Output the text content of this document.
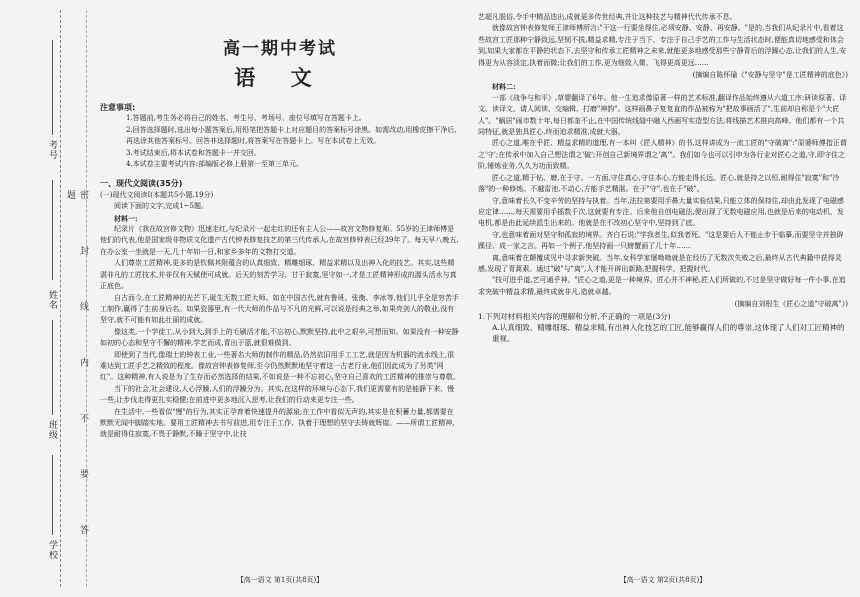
考号
姓名
班级
学校	密 封 线 内 不 要 答 题
高一期中考试
语 文
注意事项:

1.答题前,考生务必将自己的姓名、考生号、考场号、座位号填写在答题卡上。

2.回答选择题时,选出每小题答案后,用铅笔把答题卡上对应题目的答案标号涂黑。如需改动,用橡皮擦干净后,再选涂其他答案标号。回答非选择题时,将答案写在答题卡上。写在本试卷上无效。

3.考试结束后,将本试卷和答题卡一并交回。

4.本试卷主要考试内容:部编版必修上册第一至第三单元。

一、现代文阅读(35分)

(一)现代文阅读Ⅰ(本题共5小题,19分)

阅读下面的文字,完成1~5题。

材料一:

纪录片《我在故宫修文物》迅速走红,与纪录片一起走红的还有主人公——故宫文物修复师。55岁的王津师傅是他们的代表,他是国家级非物质文化遗产古代钟表修复技艺的第三代传承人,在故宫修钟表已经39年了。每天早八晚五,在办公室一坐就是一天,几十年如一日,和家乡多年的文物打交道。

人们尊崇工匠精神,更多的是钦佩其附蕴含的认真细致、精雕细琢、精益求精以及出神入化的技艺。其实,这些精湛非凡的工匠技术,并非仅有天赋使可成就。后天的刻苦学习、甘于寂寞,坚守如一,才是工匠精神形成的源头活水与真正底色。

自古而今,在工匠精神的光芒下,诞生无数工匠大师。如在中国古代,就有鲁班、张衡、李冰等,他们几乎全是穷苦手工制作,赢得了生前身后名。如果瓷器里,有一代大师的作品与不凡的光鲜,可以说是经典之举,如果亮剑人的敬业,没有坚守,就不可能有如此壮丽的成就。

像这类,一个学徒工,从小到大,到手上的毛刷活才能,不忘初心,默默坚持,此中之艰辛,可想而知。如果没有一种安静如初的心态和坚守不懈的精神,学艺而成,青出于蓝,就很难做到。

即使到了当代,像瑞士的钟表工业,一些著名大师的制作的精品,仍然依旧用手工工艺,就是因为机器的流水线上,很难达到工匠手艺之精致的程度。像故宫钟表修复师,至今仍然默默地坚守着这一古老行业,他们因此成为了另类"网红"。这种精神,有人说是为了生存而必然选择的结果,不如说是一种不忘初心,坚守自己喜欢的工匠精神的推崇与尊敬。

当下的社会,社会建设,人心浮躁,人们的浮躁分为。其实,在这样的环境与心态下,我们更需要有的是能静下来、慢一些,让步伐走得更扎实稳健;在前进中更多地沉入思考,让我们的行动来更专注一些。

在生活中,一些看似"慢"的行为,其实正孕育着快速提升的源泉;在工作中看似无声的,其实是在积蓄力量,都需要在默默无闻中脚踏实地。要用工匠精神去书写前进,用专注于工作、执着于理想的坚守去铸就辉煌。——所谓工匠精神,就是耐得住寂寞,不畏于静默,不躁于坚守中,让技

【高一语文 第1页(共8页)】

艺超凡脱俗,令手中精品迭出,成就更多传世经典,并让这种技艺与精神代代传承不息。

就像故宫钟表修复师王津师傅所言:"干这一行要坐得住,必须安静、安静、再安静。"是的,当我们从纪录片中,看着这些故宫工匠那种宁静致远,坚韧不拔,精益求精,专注于当下、专注于自己手艺的工作与生活状态时,便能真切地感受和体会到,如果大家都在平静的状态下,去坚守和传承工匠精神之未来,就能更多地感受那些宁静背后的浮躁心态,让我们的人生,安得更为从容淡定,执着而微;让我们的工作,更为细致入微、飞得更高更远……

(摘编自陈怀瑜《"安静与坚守"是工匠精神的底色》)

材料二:

一部《战争与和平》,草婴翻译了6年。他一生追求像原著一样的艺术标准,翻译作品始终遵从六道工序:研读原著、译文、读译文、请人阅读、交编辑、打磨"神韵"。这样画鼻子复复直的作品被称为"把故事画活了",生前却自称是个"大匠人"。"蜗居"闹市数十年,每日都奎不止,在中国传统线缝中融入西画写实造型方法,将线描艺术推向高峰。他们都有一个共同特征,就是独具匠心,终而追求精准,成就大器。

匠心之道,唯在乎匠、精益求精的道理,有一本叫《匠人精神》的书,这样讲成为一流工匠的"守破离":"原婆师傅指正谓之'守';在传承中加入自己想法谓之'破';开创自己新境界谓之'离'"。我们如今也可以引申为各行业对匠心之道,守,即守住之阶,锤炼业务,久久为功而致精。

匠心之道,精于钻、磨,在于守。一方面,守住真心,守住本心,方能走得长远。匠心,就是持之以恒,耐得住"寂寞"和"冷落"的一种修炼。不越雷池,不动心,方能手艺精湛。在于"守",也在于"破"。

守,意味着长久不变辛劳的坚持与执着。当年,法拉第要用手鼻大量实验结果,只能立体的保持住,却由此发现了电磁感应定律……,每天需要用手摇数千次,这就要有专注。后来他自创电磁法,便出现了无数电磁应用,也就是后来的电动机、发电机,都是由此延续派生出来的。他就是在不改初心坚守中,坚持到了底。

守,也意味着面对坚守和孤寂的境界。齐白石说:"学我者生,似我者死。"这是要后人不能止步于临摹,而要坚守并独辟蹊径、成一家之言。再如一个例子,他坚持画一只螃蟹画了几十年……

离,意味着在颠覆成见中寻求新突破。当年,女科学家屠呦呦就是在经历了无数次失败之后,最终从古代典籍中获得灵感,发现了青蒿素。通过"破"与"离",人才能开辟出新路,把握科学、把握时代。

"技可进乎道,艺可通乎神。"匠心之道,更是一种境界。匠心并不神秘,匠人们所做的,不过是坚守做好每一件小事,在追求突破中精益求精,最终成就非凡,造就卓越。

(摘编自刘根生《匠心之道"守破离"》)

1.下列对材料相关内容的理解和分析,不正确的一项是(3分)

A.认真细致、精雕细琢、精益求精,有出神入化技艺的工匠,能够赢得人们的尊崇,这体现了人们对工匠精神的重视。

【高一语文 第2页(共8页)】
